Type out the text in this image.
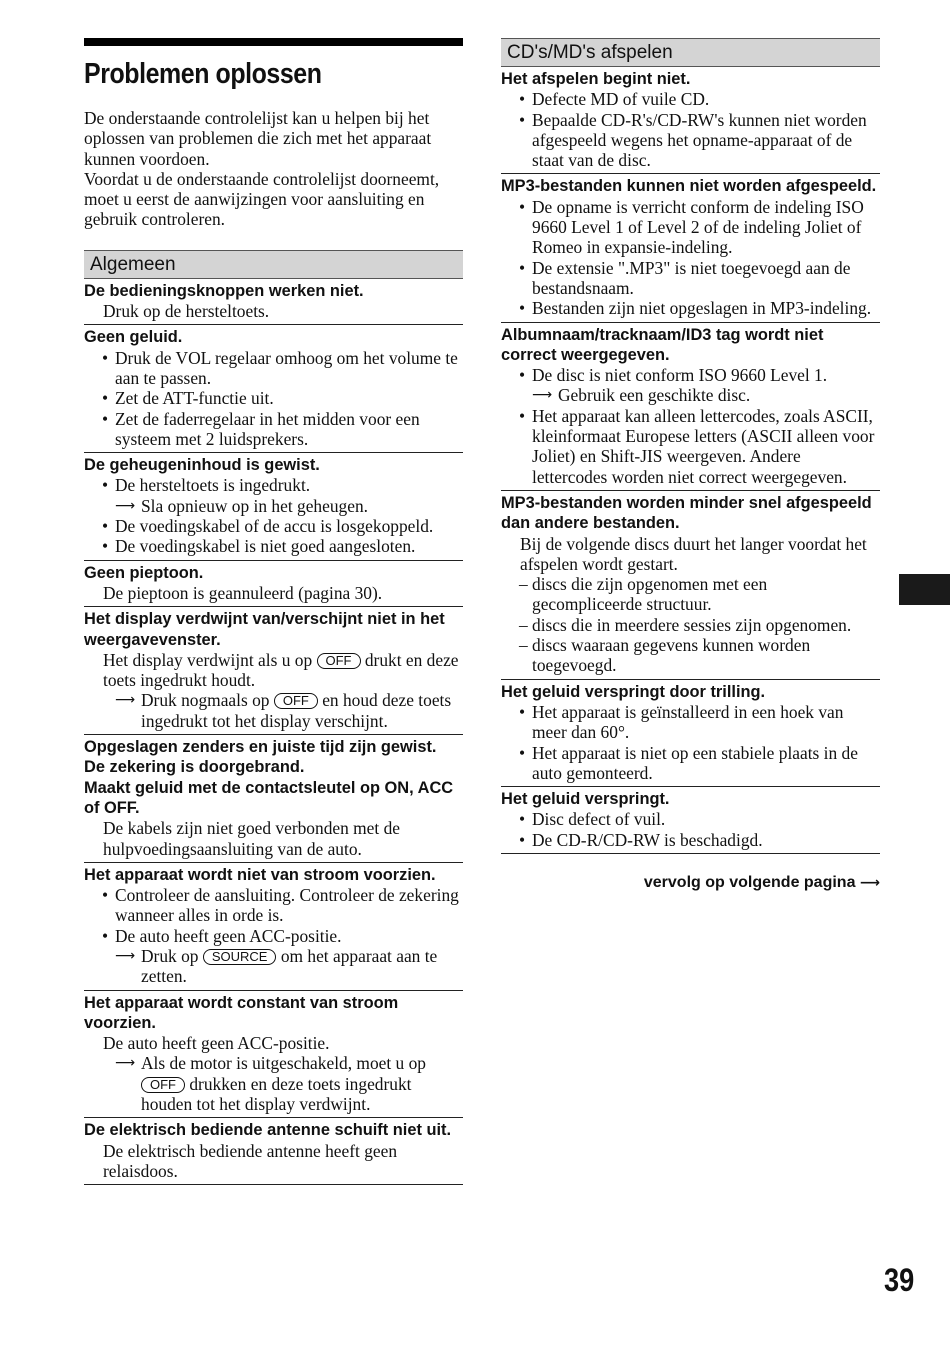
Problemen oplossen

De onderstaande controlelijst kan u helpen bij het oplossen van problemen die zich met het apparaat kunnen voordoen.

Voordat u de onderstaande controlelijst doorneemt, moet u eerst de aanwijzingen voor aansluiting en gebruik controleren.

Algemeen
De bedieningsknoppen werken niet.
Druk op de hersteltoets.
Geen geluid.
• Druk de VOL regelaar omhoog om het volume te aan te passen.
• Zet de ATT-functie uit.
• Zet de faderregelaar in het midden voor een systeem met 2 luidsprekers.
De geheugeninhoud is gewist.
• De hersteltoets is ingedrukt.
⟶ Sla opnieuw op in het geheugen.
• De voedingskabel of de accu is losgekoppeld.
• De voedingskabel is niet goed aangesloten.
Geen pieptoon.
De pieptoon is geannuleerd (pagina 30).
Het display verdwijnt van/verschijnt niet in het weergavevenster.
Het display verdwijnt als u op OFF drukt en deze toets ingedrukt houdt.
⟶ Druk nogmaals op OFF en houd deze toets ingedrukt tot het display verschijnt.
Opgeslagen zenders en juiste tijd zijn gewist.
De zekering is doorgebrand.
Maakt geluid met de contactsleutel op ON, ACC of OFF.
De kabels zijn niet goed verbonden met de hulpvoedingsaansluiting van de auto.
Het apparaat wordt niet van stroom voorzien.
• Controleer de aansluiting. Controleer de zekering wanneer alles in orde is.
• De auto heeft geen ACC-positie.
⟶ Druk op SOURCE om het apparaat aan te zetten.
Het apparaat wordt constant van stroom voorzien.
De auto heeft geen ACC-positie.
⟶ Als de motor is uitgeschakeld, moet u op OFF drukken en deze toets ingedrukt houden tot het display verdwijnt.
De elektrisch bediende antenne schuift niet uit.
De elektrisch bediende antenne heeft geen relaisdoos.
CD's/MD's afspelen
Het afspelen begint niet.
• Defecte MD of vuile CD.
• Bepaalde CD-R's/CD-RW's kunnen niet worden afgespeeld wegens het opname-apparaat of de staat van de disc.
MP3-bestanden kunnen niet worden afgespeeld.
• De opname is verricht conform de indeling ISO 9660 Level 1 of Level 2 of de indeling Joliet of Romeo in expansie-indeling.
• De extensie ".MP3" is niet toegevoegd aan de bestandsnaam.
• Bestanden zijn niet opgeslagen in MP3-indeling.
Albumnaam/tracknaam/ID3 tag wordt niet correct weergegeven.
• De disc is niet conform ISO 9660 Level 1.
⟶ Gebruik een geschikte disc.
• Het apparaat kan alleen lettercodes, zoals ASCII, kleinformaat Europese letters (ASCII alleen voor Joliet) en Shift-JIS weergeven. Andere lettercodes worden niet correct weergegeven.
MP3-bestanden worden minder snel afgespeeld dan andere bestanden.
Bij de volgende discs duurt het langer voordat het afspelen wordt gestart.
– discs die zijn opgenomen met een gecompliceerde structuur.
– discs die in meerdere sessies zijn opgenomen.
– discs waaraan gegevens kunnen worden toegevoegd.
Het geluid verspringt door trilling.
• Het apparaat is geïnstalleerd in een hoek van meer dan 60°.
• Het apparaat is niet op een stabiele plaats in de auto gemonteerd.
Het geluid verspringt.
• Disc defect of vuil.
• De CD-R/CD-RW is beschadigd.
vervolg op volgende pagina ⟶
39
